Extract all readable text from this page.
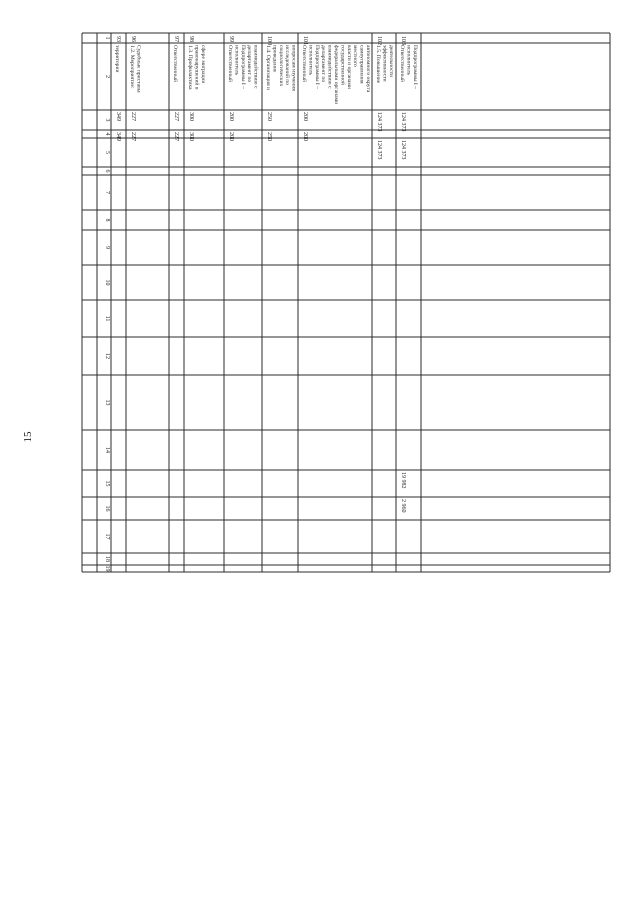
15
1
2
3
4
5
6
7
8
9
10
11
12
13
14
15
16
17
18
19
93
территории
349
349
96
1.2. Мероприятие: Судебные приставы
227
227
97
Ответственный
227
227
98
1.3. Профилактика правонарушений в сфере миграции
300
300
99
Ответственный исполнитель Подпрограммы I – департамент по взаимодействию с
200
200
100
1.4. Организация и проведение социологических исследований по вопросам изучения
250
250
101
Ответственный исполнитель Подпрограммы I – департамент по взаимодействию с федеральными органами государственной власти и органами местного самоуправления автономного округа
200
200
102
1.5. Повышение эффективности деятельности
124 373
124 373
103
Ответственный исполнитель Подпрограммы I –
124 373
124 373
19 982
2 960
